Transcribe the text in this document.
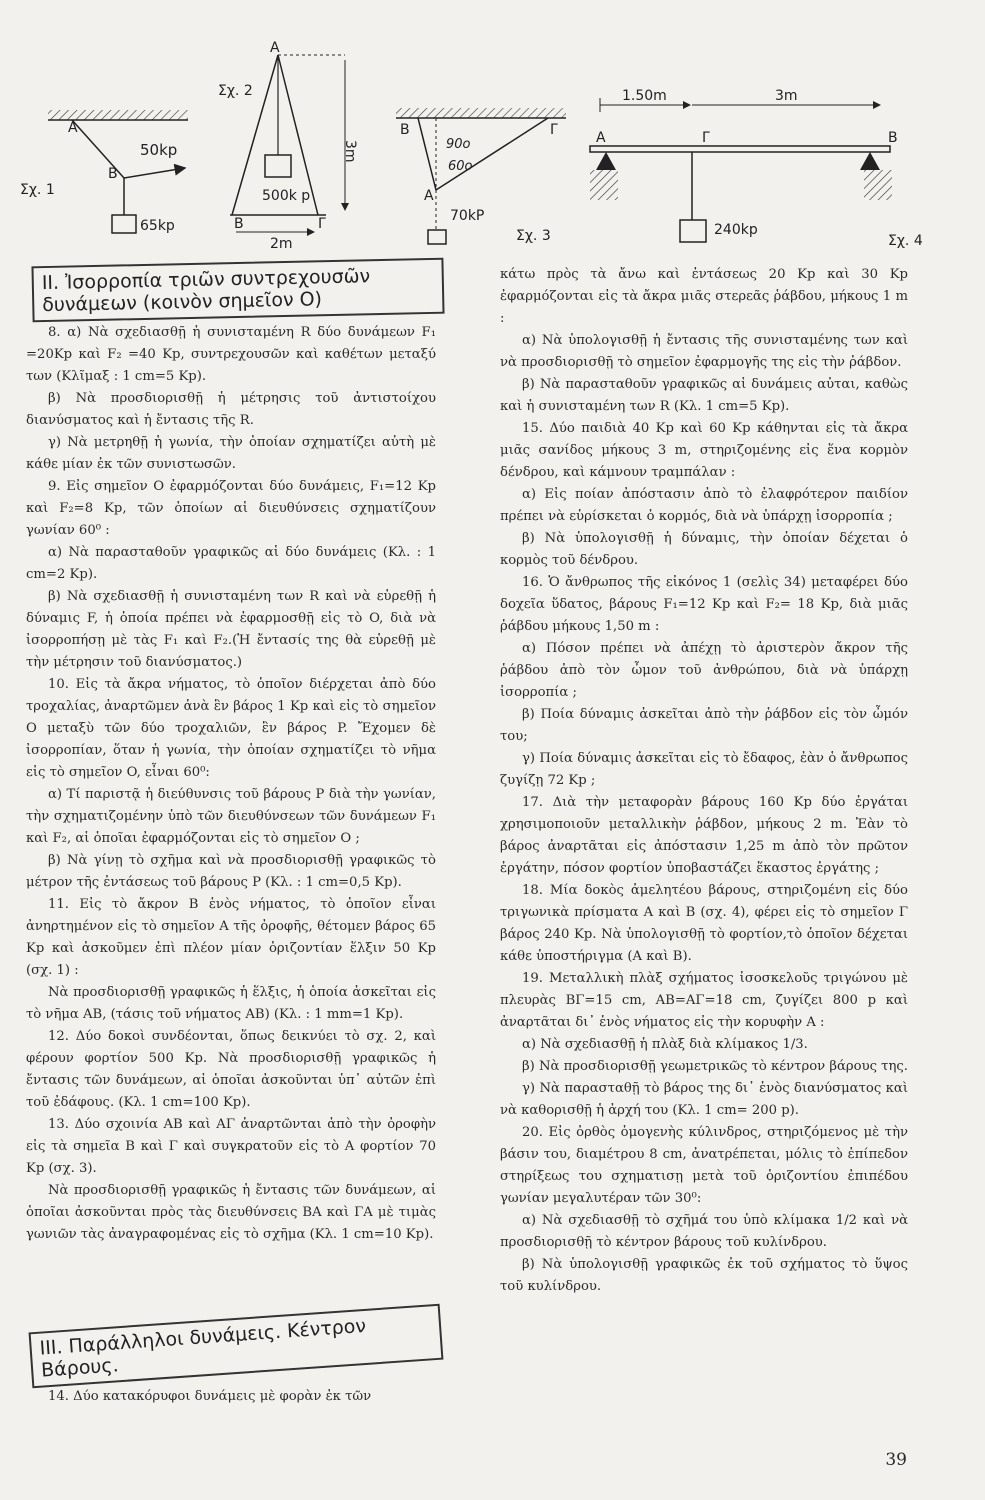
A
B
50kp
65kp
Σχ. 1
A
B	Γ
3m
500k p
2m
Σχ. 2
B	Γ
A
90ο
60ο
70kP
Σχ. 3
1.50m	3m
A	Γ	B
240kp
Σχ. 4
II. Ἰσορροπία τριῶν συντρεχουσῶν δυνάμεων (κοινὸν σημεῖον O)

8. α) Νὰ σχεδιασθῇ ἡ συνισταμένη R δύο δυνάμεων F₁ =20Kp καὶ F₂ =40 Kp, συντρεχουσῶν καὶ καθέτων μεταξύ των (Κλῖμαξ : 1 cm=5 Kp).

β) Νὰ προσδιορισθῇ ἡ μέτρησις τοῦ ἀντιστοίχου διανύσματος καὶ ἡ ἔντασις τῆς R.

γ) Νὰ μετρηθῇ ἡ γωνία, τὴν ὁποίαν σχηματίζει αὐτὴ μὲ κάθε μίαν ἐκ τῶν συνιστωσῶν.

9. Εἰς σημεῖον O ἐφαρμόζονται δύο δυνάμεις, F₁=12 Kp καὶ F₂=8 Kp, τῶν ὁποίων αἱ διευθύνσεις σχηματίζουν γωνίαν 60⁰ :

α) Νὰ παρασταθοῦν γραφικῶς αἱ δύο δυνάμεις (Κλ. : 1 cm=2 Kp).

β) Νὰ σχεδιασθῇ ἡ συνισταμένη των R καὶ νὰ εὑρεθῇ ἡ δύναμις F, ἡ ὁποία πρέπει νὰ ἐφαρμοσθῇ εἰς τὸ O, διὰ νὰ ἰσορροπήσῃ μὲ τὰς F₁ καὶ F₂.(Ἡ ἔντασίς της θὰ εὑρεθῇ μὲ τὴν μέτρησιν τοῦ διανύσματος.)

10. Εἰς τὰ ἄκρα νήματος, τὸ ὁποῖον διέρχεται ἀπὸ δύο τροχαλίας, ἀναρτῶμεν ἀνὰ ἓν βάρος 1 Kp καὶ εἰς τὸ σημεῖον O μεταξὺ τῶν δύο τροχαλιῶν, ἓν βάρος P. Ἔχομεν δὲ ἰσορροπίαν, ὅταν ἡ γωνία, τὴν ὁποίαν σχηματίζει τὸ νῆμα εἰς τὸ σημεῖον O, εἶναι 60⁰:

α) Τί παριστᾷ ἡ διεύθυνσις τοῦ βάρους P διὰ τὴν γωνίαν, τὴν σχηματιζομένην ὑπὸ τῶν διευθύνσεων τῶν δυνάμεων F₁ καὶ F₂, αἱ ὁποῖαι ἐφαρμόζονται εἰς τὸ σημεῖον O ;

β) Νὰ γίνῃ τὸ σχῆμα καὶ νὰ προσδιορισθῇ γραφικῶς τὸ μέτρον τῆς ἐντάσεως τοῦ βάρους P (Κλ. : 1 cm=0,5 Kp).

11. Εἰς τὸ ἄκρον B ἑνὸς νήματος, τὸ ὁποῖον εἶναι ἀνηρτημένον εἰς τὸ σημεῖον A τῆς ὀροφῆς, θέτομεν βάρος 65 Kp καὶ ἀσκοῦμεν ἐπὶ πλέον μίαν ὁριζοντίαν ἕλξιν 50 Kp (σχ. 1) :

Νὰ προσδιορισθῇ γραφικῶς ἡ ἕλξις, ἡ ὁποία ἀσκεῖται εἰς τὸ νῆμα AB, (τάσις τοῦ νήματος AB) (Κλ. : 1 mm=1 Kp).

12. Δύο δοκοὶ συνδέονται, ὅπως δεικνύει τὸ σχ. 2, καὶ φέρουν φορτίον 500 Kp. Νὰ προσδιορισθῇ γραφικῶς ἡ ἔντασις τῶν δυνάμεων, αἱ ὁποῖαι ἀσκοῦνται ὑπ᾽ αὐτῶν ἐπὶ τοῦ ἐδάφους. (Κλ. 1 cm=100 Kp).

13. Δύο σχοινία AB καὶ AΓ ἀναρτῶνται ἀπὸ τὴν ὀροφὴν εἰς τὰ σημεῖα B καὶ Γ καὶ συγκρατοῦν εἰς τὸ A φορτίον 70 Kp (σχ. 3).

Νὰ προσδιορισθῇ γραφικῶς ἡ ἔντασις τῶν δυνάμεων, αἱ ὁποῖαι ἀσκοῦνται πρὸς τὰς διευθύνσεις BA καὶ ΓA μὲ τιμὰς γωνιῶν τὰς ἀναγραφομένας εἰς τὸ σχῆμα (Κλ. 1 cm=10 Kp).

III. Παράλληλοι δυνάμεις. Κέντρον Βάρους.
14. Δύο κατακόρυφοι δυνάμεις μὲ φορὰν ἐκ τῶν

κάτω πρὸς τὰ ἄνω καὶ ἐντάσεως 20 Kp καὶ 30 Kp ἐφαρμόζονται εἰς τὰ ἄκρα μιᾶς στερεᾶς ῥάβδου, μήκους 1 m :

α) Νὰ ὑπολογισθῇ ἡ ἔντασις τῆς συνισταμένης των καὶ νὰ προσδιορισθῇ τὸ σημεῖον ἐφαρμογῆς της εἰς τὴν ῥάβδον.

β) Νὰ παρασταθοῦν γραφικῶς αἱ δυνάμεις αὐται, καθὼς καὶ ἡ συνισταμένη των R (Κλ. 1 cm=5 Kp).

15. Δύο παιδιὰ 40 Kp καὶ 60 Kp κάθηνται εἰς τὰ ἄκρα μιᾶς σανίδος μήκους 3 m, στηριζομένης εἰς ἕνα κορμὸν δένδρου, καὶ κάμνουν τραμπάλαν :

α) Εἰς ποίαν ἀπόστασιν ἀπὸ τὸ ἐλαφρότερον παιδίον πρέπει νὰ εὑρίσκεται ὁ κορμός, διὰ νὰ ὑπάρχῃ ἰσορροπία ;

β) Νὰ ὑπολογισθῇ ἡ δύναμις, τὴν ὁποίαν δέχεται ὁ κορμὸς τοῦ δένδρου.

16. Ὁ ἄνθρωπος τῆς εἰκόνος 1 (σελὶς 34) μεταφέρει δύο δοχεῖα ὕδατος, βάρους F₁=12 Kp καὶ F₂= 18 Kp, διὰ μιᾶς ῥάβδου μήκους 1,50 m :

α) Πόσον πρέπει νὰ ἀπέχῃ τὸ ἀριστερὸν ἄκρον τῆς ῥάβδου ἀπὸ τὸν ὦμον τοῦ ἀνθρώπου, διὰ νὰ ὑπάρχῃ ἰσορροπία ;

β) Ποία δύναμις ἀσκεῖται ἀπὸ τὴν ῥάβδον εἰς τὸν ὦμόν του;

γ) Ποία δύναμις ἀσκεῖται εἰς τὸ ἔδαφος, ἐὰν ὁ ἄνθρωπος ζυγίζῃ 72 Kp ;

17. Διὰ τὴν μεταφορὰν βάρους 160 Kp δύο ἐργάται χρησιμοποιοῦν μεταλλικὴν ῥάβδον, μήκους 2 m. Ἐὰν τὸ βάρος ἀναρτᾶται εἰς ἀπόστασιν 1,25 m ἀπὸ τὸν πρῶτον ἐργάτην, πόσον φορτίον ὑποβαστάζει ἕκαστος ἐργάτης ;

18. Μία δοκὸς ἀμελητέου βάρους, στηριζομένη εἰς δύο τριγωνικὰ πρίσματα A καὶ B (σχ. 4), φέρει εἰς τὸ σημεῖον Γ βάρος 240 Kp. Νὰ ὑπολογισθῇ τὸ φορτίον,τὸ ὁποῖον δέχεται κάθε ὑποστήριγμα (A καὶ B).

19. Μεταλλικὴ πλὰξ σχήματος ἰσοσκελοῦς τριγώνου μὲ πλευρὰς BΓ=15 cm, AB=AΓ=18 cm, ζυγίζει 800 p καὶ ἀναρτᾶται δι᾽ ἑνὸς νήματος εἰς τὴν κορυφὴν A :

α) Νὰ σχεδιασθῇ ἡ πλὰξ διὰ κλίμακος 1/3.

β) Νὰ προσδιορισθῇ γεωμετρικῶς τὸ κέντρον βάρους της.

γ) Νὰ παρασταθῇ τὸ βάρος της δι᾽ ἑνὸς διανύσματος καὶ νὰ καθορισθῇ ἡ ἀρχή του (Κλ. 1 cm= 200 p).

20. Εἰς ὀρθὸς ὁμογενὴς κύλινδρος, στηριζόμενος μὲ τὴν βάσιν του, διαμέτρου 8 cm, ἀνατρέπεται, μόλις τὸ ἐπίπεδον στηρίξεως του σχηματισῃ μετὰ τοῦ ὁριζοντίου ἐπιπέδου γωνίαν μεγαλυτέραν τῶν 30⁰:

α) Νὰ σχεδιασθῇ τὸ σχῆμά του ὑπὸ κλίμακα 1/2 καὶ νὰ προσδιορισθῇ τὸ κέντρον βάρους τοῦ κυλίνδρου.

β) Νὰ ὑπολογισθῇ γραφικῶς ἐκ τοῦ σχήματος τὸ ὕψος τοῦ κυλίνδρου.

39
